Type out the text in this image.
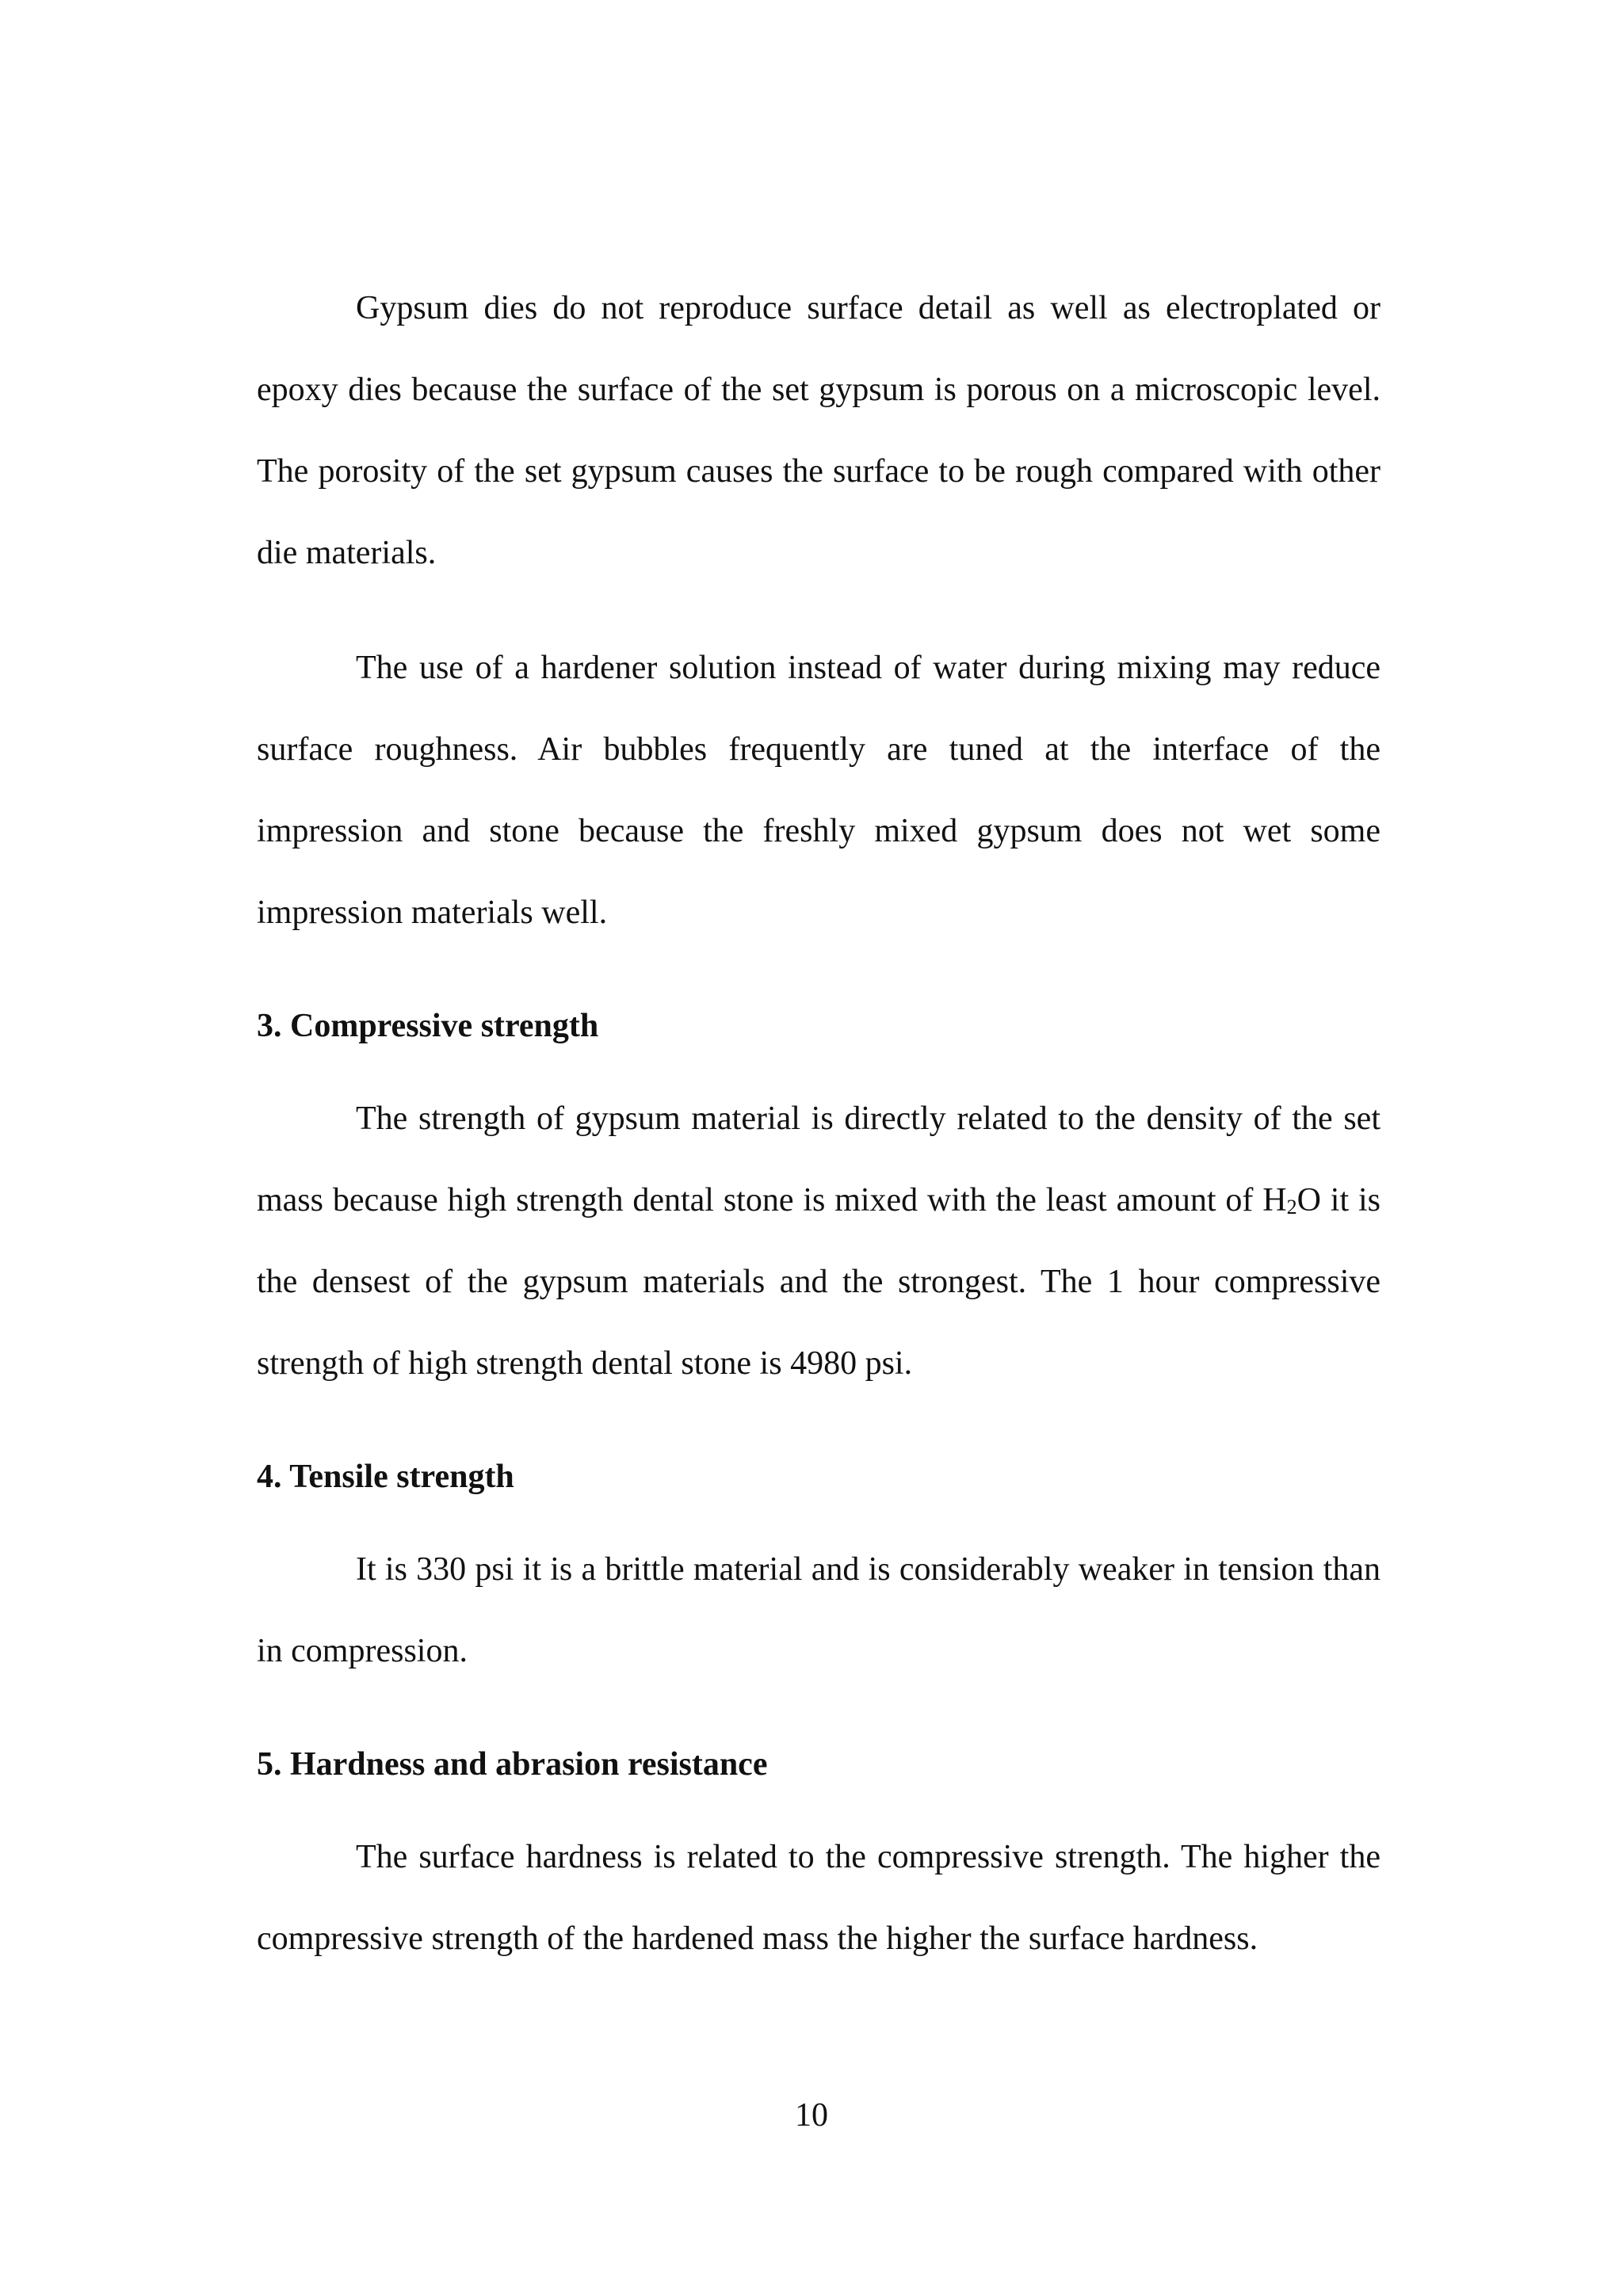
Gypsum dies do not reproduce surface detail as well as electroplated or epoxy dies because the surface of the set gypsum is porous on a microscopic level. The porosity of the set gypsum causes the surface to be rough compared with other die materials.

The use of a hardener solution instead of water during mixing may reduce surface roughness. Air bubbles frequently are tuned at the interface of the impression and stone because the freshly mixed gypsum does not wet some impression materials well.

3. Compressive strength

The strength of gypsum material is directly related to the density of the set mass because high strength dental stone is mixed with the least amount of $H_2O$ it is the densest of the gypsum materials and the strongest. The 1 hour compressive strength of high strength dental stone is 4980 psi.

4. Tensile strength

It is 330 psi it is a brittle material and is considerably weaker in tension than in compression.

5. Hardness and abrasion resistance

The surface hardness is related to the compressive strength. The higher the compressive strength of the hardened mass the higher the surface hardness.

10
